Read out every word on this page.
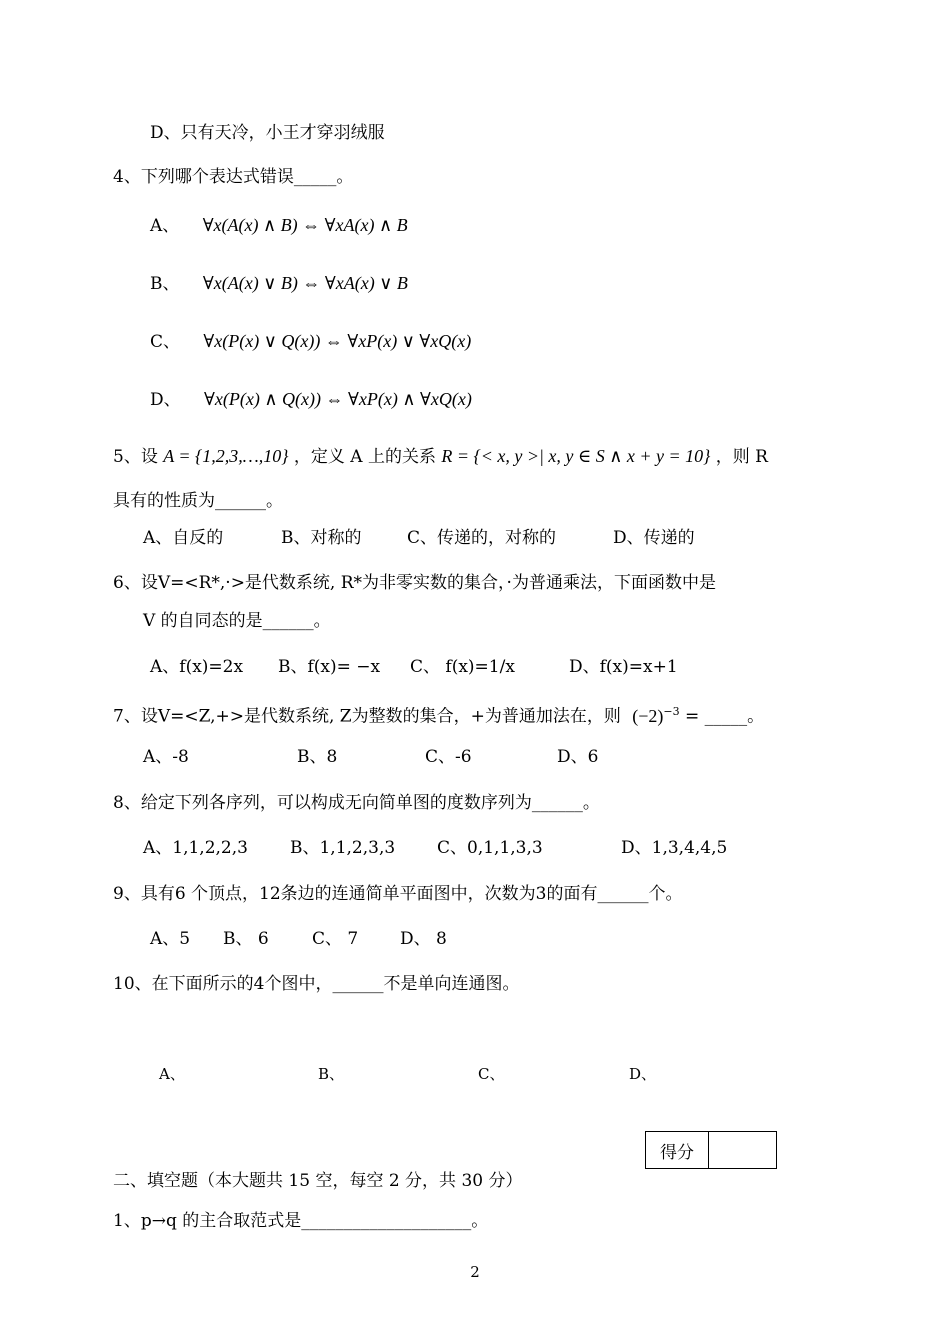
D、只有天冷，小王才穿羽绒服
4、下列哪个表达式错误_____。
A、 ∀x(A(x) ∧ B) ⇔ ∀xA(x) ∧ B
B、 ∀x(A(x) ∨ B) ⇔ ∀xA(x) ∨ B
C、 ∀x(P(x) ∨ Q(x)) ⇔ ∀xP(x) ∨ ∀xQ(x)
D、 ∀x(P(x) ∧ Q(x)) ⇔ ∀xP(x) ∧ ∀xQ(x)
5、设 A = {1,2,3,…,10} ，定义 A 上的关系 R = {< x, y >| x, y ∈ S ∧ x + y = 10} ，则 R
具有的性质为______。
A、自反的	B、对称的	C、传递的，对称的	D、传递的
6、设V=<R*,·>是代数系统, R*为非零实数的集合，·为普通乘法，下面函数中是
V 的自同态的是______。
A、f(x)=2x B、f(x)= −x C、 f(x)=1/x	D、f(x)=x+1
7、设V=<Z,+>是代数系统, Z为整数的集合，+为普通加法在，则 $(-2)^{-3}$ = _____。
A、-8	B、8	C、-6	D、6
8、给定下列各序列，可以构成无向简单图的度数序列为______。
A、1,1,2,2,3 B、1,1,2,3,3 C、0,1,1,3,3	D、1,3,4,4,5
9、具有6 个顶点，12条边的连通简单平面图中，次数为3的面有______个。
A、5 B、 6	C、 7 D、 8
10、在下面所示的4个图中，______不是单向连通图。
A、	B、	C、	D、
得分
二、填空题（本大题共 15 空，每空 2 分，共 30 分）
1、p→q 的主合取范式是____________________。
2
